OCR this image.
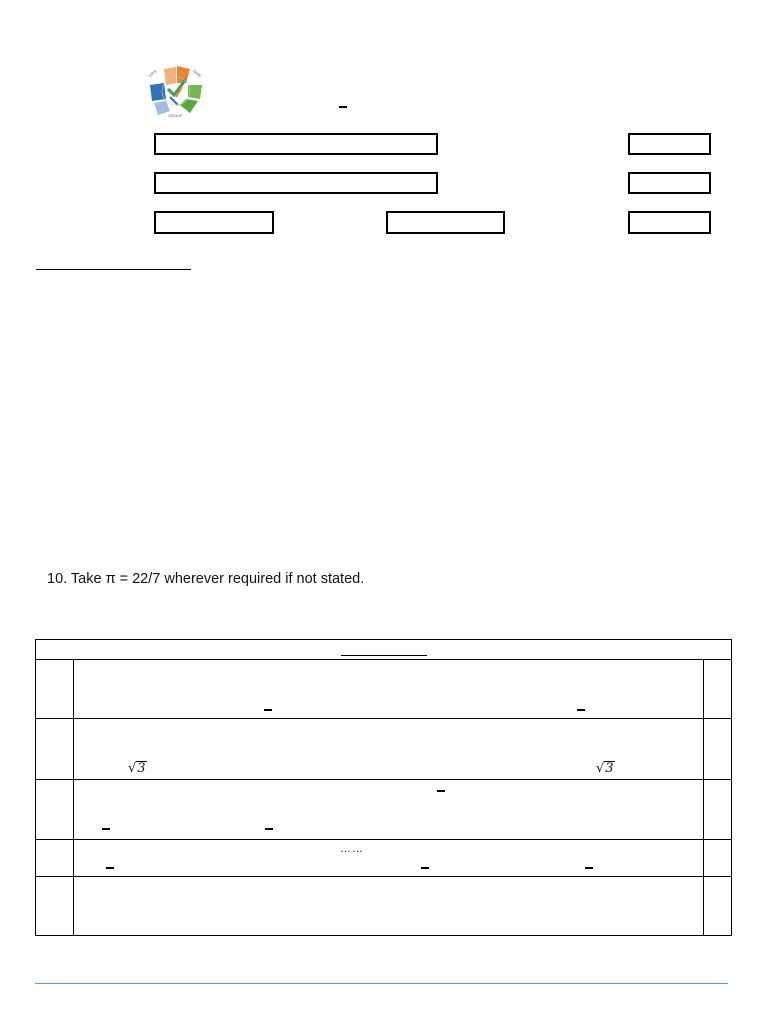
VIPS	TARK
GROUP
10. Take π = 22/7 wherever required if not stated.

	√3 √3	

	……	
